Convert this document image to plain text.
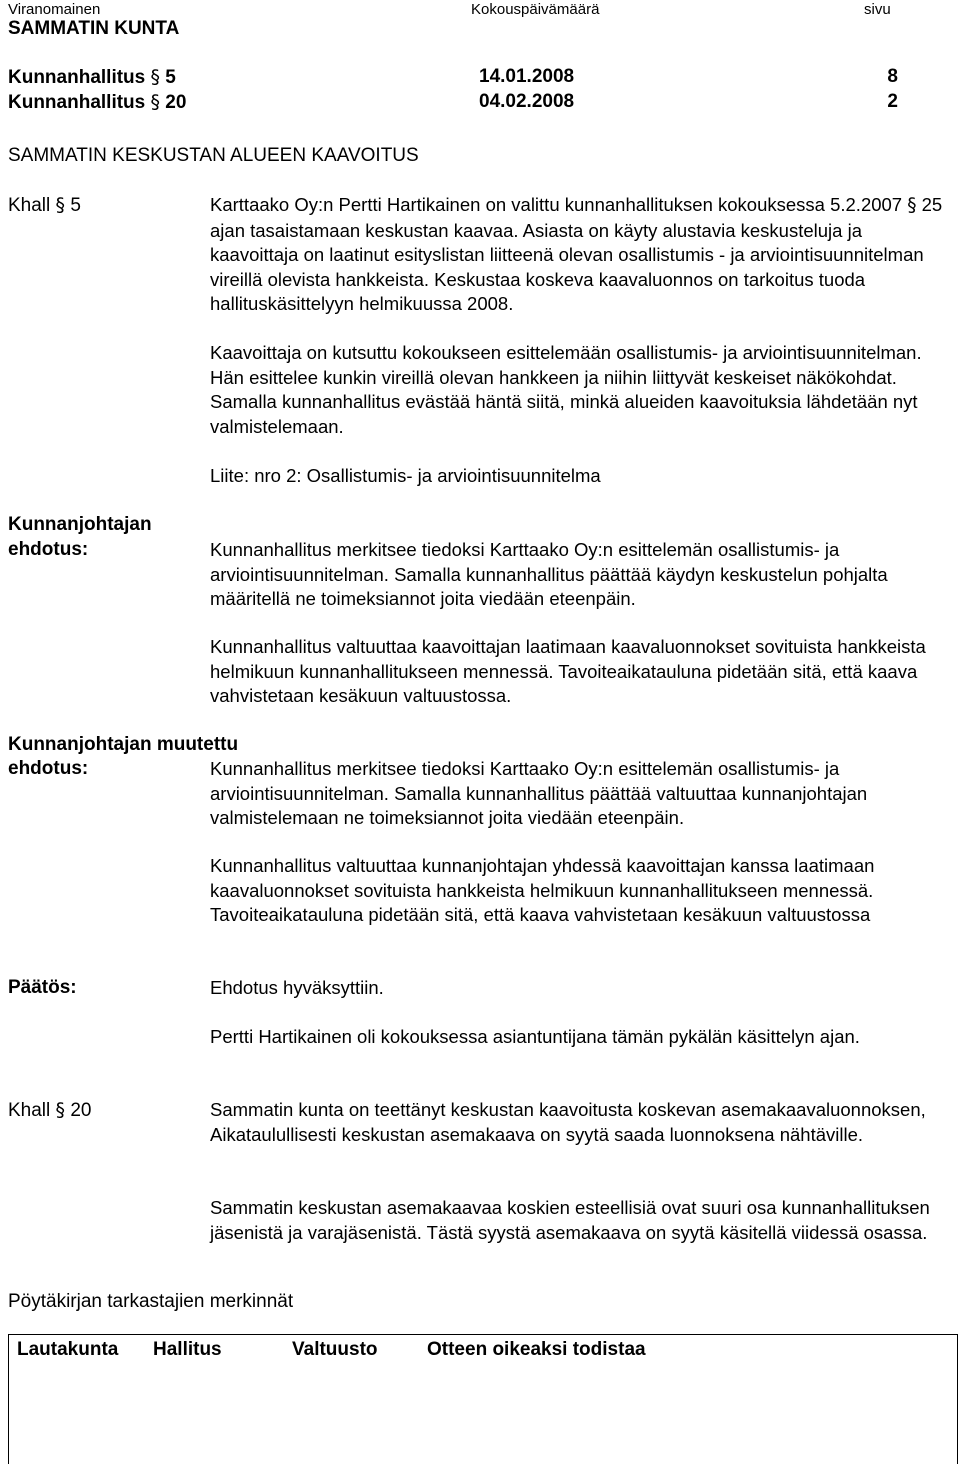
Viranomainen	Kokouspäivämäärä	sivu
SAMMATIN KUNTA
Kunnanhallitus § 5	14.01.2008	8
Kunnanhallitus § 20	04.02.2008	2
SAMMATIN KESKUSTAN ALUEEN KAAVOITUS
Khall § 5	Karttaako Oy:n Pertti Hartikainen on valittu kunnanhallituksen kokouksessa 5.2.2007 § 25 ajan tasaistamaan keskustan kaavaa. Asiasta on käyty alustavia keskusteluja ja kaavoittaja on laatinut esityslistan liitteenä olevan osallistumis - ja arviointisuunnitelman vireillä olevista hankkeista. Keskustaa koskeva kaavaluonnos on tarkoitus tuoda hallituskäsittelyyn helmikuussa 2008.

Kaavoittaja on kutsuttu kokoukseen esittelemään osallistumis- ja arviointisuunnitelman. Hän esittelee kunkin vireillä olevan hankkeen ja niihin liittyvät keskeiset näkökohdat. Samalla kunnanhallitus evästää häntä siitä, minkä alueiden kaavoituksia lähdetään nyt valmistelemaan.

Liite: nro 2: Osallistumis- ja arviointisuunnitelma

Kunnanjohtajan
ehdotus:	Kunnanhallitus merkitsee tiedoksi Karttaako Oy:n esittelemän osallistumis- ja arviointisuunnitelman. Samalla kunnanhallitus päättää käydyn keskustelun pohjalta määritellä ne toimeksiannot joita viedään eteenpäin.

Kunnanhallitus valtuuttaa kaavoittajan laatimaan kaavaluonnokset sovituista hankkeista helmikuun kunnanhallitukseen mennessä. Tavoiteaikatauluna pidetään sitä, että kaava vahvistetaan kesäkuun valtuustossa.

Kunnanjohtajan muutettu
ehdotus:	Kunnanhallitus merkitsee tiedoksi Karttaako Oy:n esittelemän osallistumis- ja arviointisuunnitelman. Samalla kunnanhallitus päättää valtuuttaa kunnanjohtajan valmistelemaan ne toimeksiannot joita viedään eteenpäin.

Kunnanhallitus valtuuttaa kunnanjohtajan yhdessä kaavoittajan kanssa laatimaan kaavaluonnokset sovituista hankkeista helmikuun kunnanhallitukseen mennessä. Tavoiteaikatauluna pidetään sitä, että kaava vahvistetaan kesäkuun valtuustossa

Päätös:	Ehdotus hyväksyttiin.

Pertti Hartikainen oli kokouksessa asiantuntijana tämän pykälän käsittelyn ajan.

Khall § 20	Sammatin kunta on teettänyt keskustan kaavoitusta koskevan asemakaavaluonnoksen, Aikataulullisesti keskustan asemakaava on syytä saada luonnoksena nähtäville.

Sammatin keskustan asemakaavaa koskien esteellisiä ovat suuri osa kunnanhallituksen jäsenistä ja varajäsenistä. Tästä syystä asemakaava on syytä käsitellä viidessä osassa.

Pöytäkirjan tarkastajien merkinnät
Lautakunta Hallitus	Valtuusto	Otteen oikeaksi todistaa
